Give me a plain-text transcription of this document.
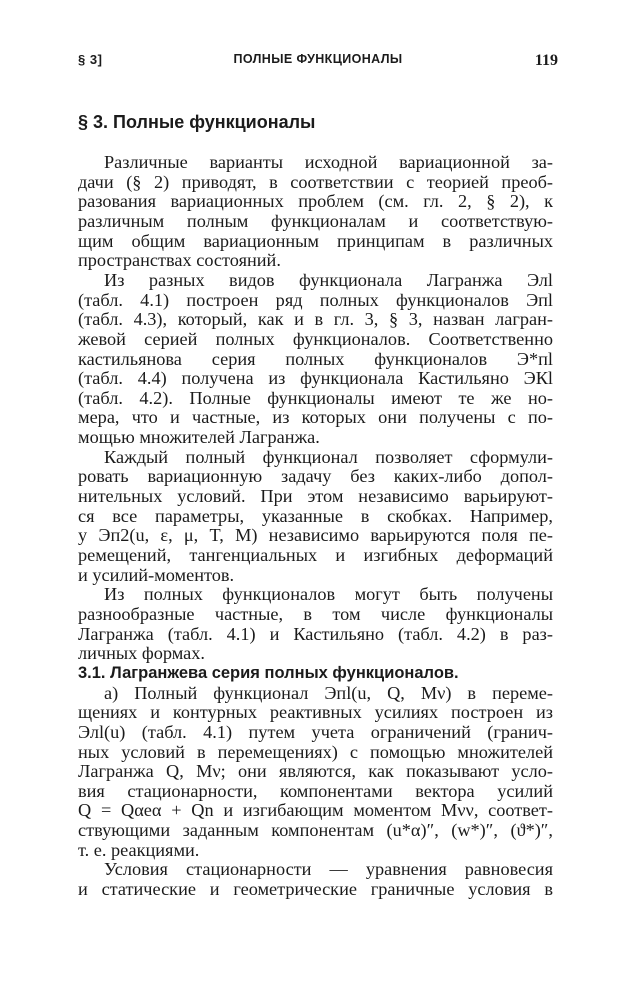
§ 3]	ПОЛНЫЕ ФУНКЦИОНАЛЫ	119
§ 3. Полные функционалы
Различные варианты исходной вариационной за-
дачи (§ 2) приводят, в соответствии с теорией преоб-
разования вариационных проблем (см. гл. 2, § 2), к
различным полным функционалам и соответствую-
щим общим вариационным принципам в различных
пространствах состояний.
Из разных видов функционала Лагранжа Элl
(табл. 4.1) построен ряд полных функционалов Эпl
(табл. 4.3), который, как и в гл. 3, § 3, назван лагран-
жевой серией полных функционалов. Соответственно
кастильянова серия полных функционалов Э*пl
(табл. 4.4) получена из функционала Кастильяно ЭКl
(табл. 4.2). Полные функционалы имеют те же но-
мера, что и частные, из которых они получены с по-
мощью множителей Лагранжа.
Каждый полный функционал позволяет сформули-
ровать вариационную задачу без каких-либо допол-
нительных условий. При этом независимо варьируют-
ся все параметры, указанные в скобках. Например,
у Эп2(u, ε, μ, T, M) независимо варьируются поля пе-
ремещений, тангенциальных и изгибных деформаций
и усилий-моментов.
Из полных функционалов могут быть получены
разнообразные частные, в том числе функционалы
Лагранжа (табл. 4.1) и Кастильяно (табл. 4.2) в раз-
личных формах.
3.1. Лагранжева серия полных функционалов.
а) Полный функционал Эпl(u, Q, Mν) в переме-
щениях и контурных реактивных усилиях построен из
Элl(u) (табл. 4.1) путем учета ограничений (гранич-
ных условий в перемещениях) с помощью множителей
Лагранжа Q, Mν; они являются, как показывают усло-
вия стационарности, компонентами вектора усилий
Q = Qαeα + Qn и изгибающим моментом Mνν, соответ-
ствующими заданным компонентам (u*α)″, (w*)″, (ϑ*)″,
т. е. реакциями.
Условия стационарности — уравнения равновесия
и статические и геометрические граничные условия в
